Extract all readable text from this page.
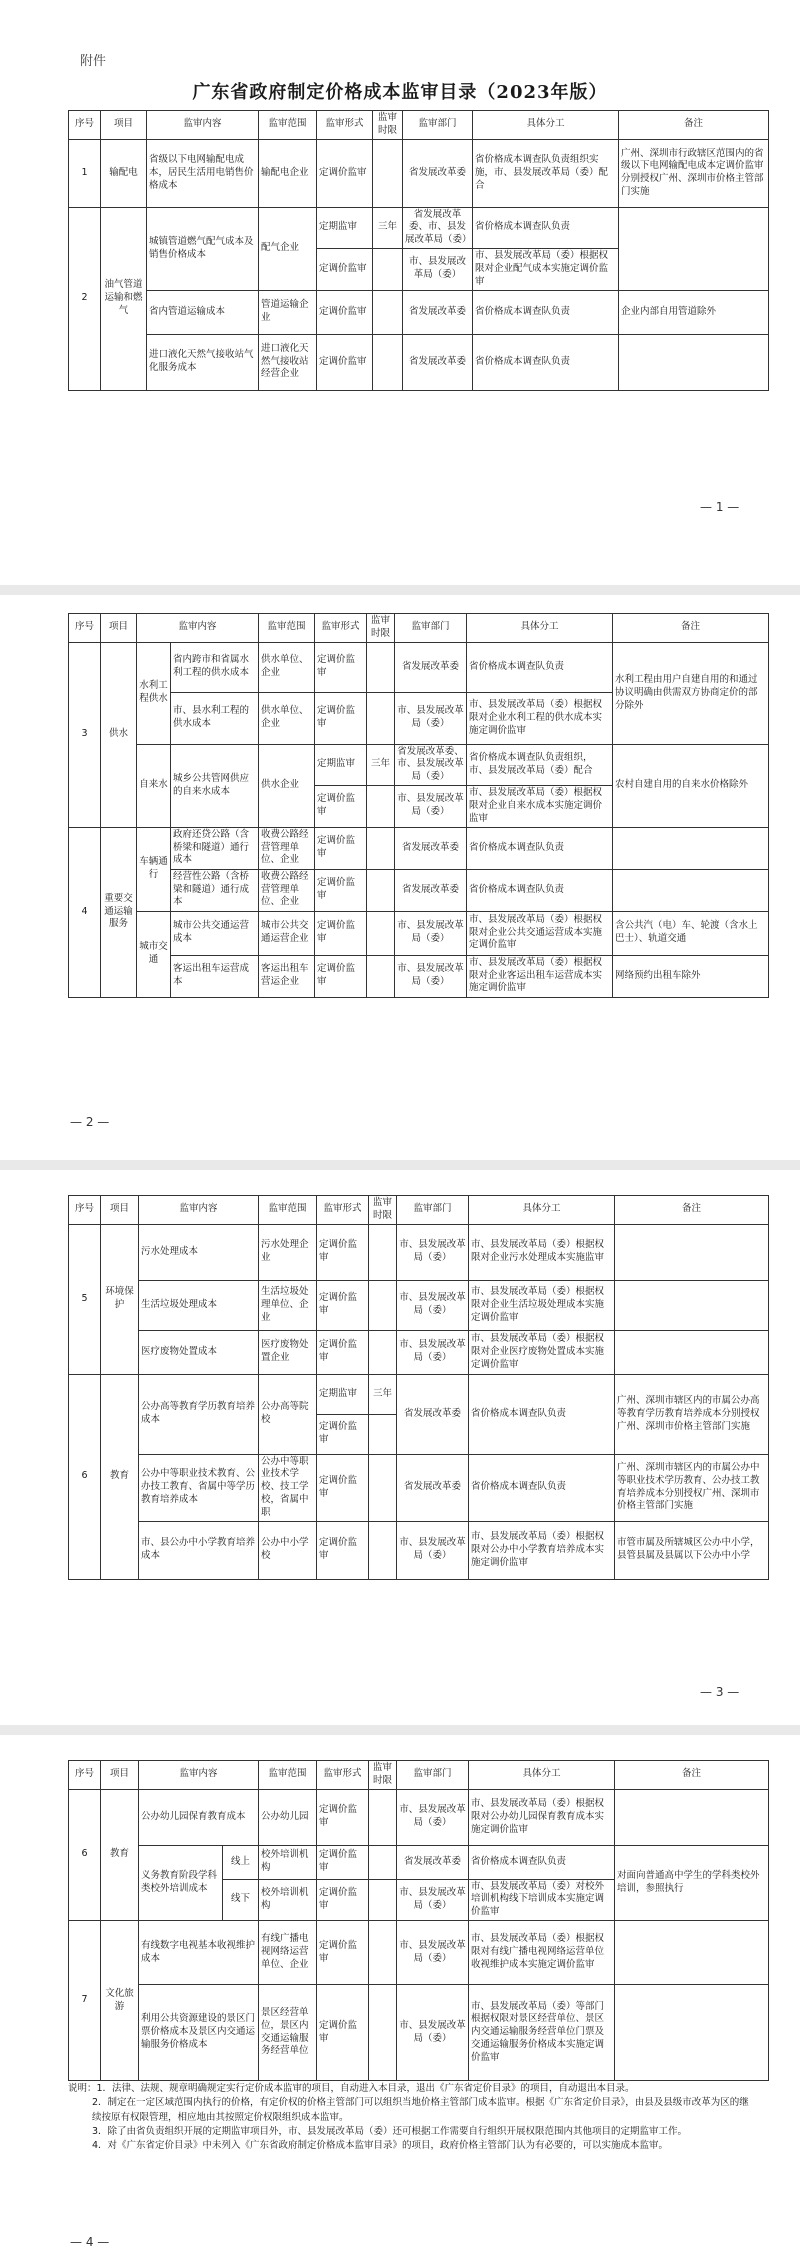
附件
广东省政府制定价格成本监审目录（2023年版）
序号	项目	监审内容	监审范围	监审形式	监审时限	监审部门	具体分工	备注
1	输配电	省级以下电网输配电成本，居民生活用电销售价格成本	输配电企业	定调价监审		省发展改革委	省价格成本调查队负责组织实施，市、县发展改革局（委）配合	广州、深圳市行政辖区范围内的省级以下电网输配电成本定调价监审分别授权广州、深圳市价格主管部门实施
2	油气管道运输和燃气	城镇管道燃气配气成本及销售价格成本	配气企业	定期监审	三年	省发展改革委、市、县发展改革局（委）	省价格成本调查队负责	
				定调价监审		市、县发展改革局（委）	市、县发展改革局（委）根据权限对企业配气成本实施定调价监审	
		省内管道运输成本	管道运输企业	定调价监审		省发展改革委	省价格成本调查队负责	企业内部自用管道除外
		进口液化天然气接收站气化服务成本	进口液化天然气接收站经营企业	定调价监审		省发展改革委	省价格成本调查队负责	
— 1 —
序号	项目	监审内容		监审范围	监审形式	监审时限	监审部门	具体分工	备注
3	供水	水利工程供水	省内跨市和省属水利工程的供水成本	供水单位、企业	定调价监审		省发展改革委	省价格成本调查队负责	水利工程由用户自建自用的和通过协议明确由供需双方协商定价的部分除外
			市、县水利工程的供水成本	供水单位、企业	定调价监审		市、县发展改革局（委）	市、县发展改革局（委）根据权限对企业水利工程的供水成本实施定调价监审	
		自来水	城乡公共管网供应的自来水成本	供水企业	定期监审	三年	省发展改革委、市、县发展改革局（委）	省价格成本调查队负责组织，市、县发展改革局（委）配合	农村自建自用的自来水价格除外
					定调价监审		市、县发展改革局（委）	市、县发展改革局（委）根据权限对企业自来水成本实施定调价监审	
4	重要交通运输服务	车辆通行	政府还贷公路（含桥梁和隧道）通行成本	收费公路经营管理单位、企业	定调价监审		省发展改革委	省价格成本调查队负责	
			经营性公路（含桥梁和隧道）通行成本	收费公路经营管理单位、企业	定调价监审		省发展改革委	省价格成本调查队负责	
		城市交通	城市公共交通运营成本	城市公共交通运营企业	定调价监审		市、县发展改革局（委）	市、县发展改革局（委）根据权限对企业公共交通运营成本实施定调价监审	含公共汽（电）车、轮渡（含水上巴士）、轨道交通
			客运出租车运营成本	客运出租车营运企业	定调价监审		市、县发展改革局（委）	市、县发展改革局（委）根据权限对企业客运出租车运营成本实施定调价监审	网络预约出租车除外
— 2 —
序号	项目	监审内容	监审范围	监审形式	监审时限	监审部门	具体分工	备注
5	环境保护	污水处理成本	污水处理企业	定调价监审		市、县发展改革局（委）	市、县发展改革局（委）根据权限对企业污水处理成本实施监审	
		生活垃圾处理成本	生活垃圾处理单位、企业	定调价监审		市、县发展改革局（委）	市、县发展改革局（委）根据权限对企业生活垃圾处理成本实施定调价监审	
		医疗废物处置成本	医疗废物处置企业	定调价监审		市、县发展改革局（委）	市、县发展改革局（委）根据权限对企业医疗废物处置成本实施定调价监审	
6	教育	公办高等教育学历教育培养成本	公办高等院校	定期监审	三年	省发展改革委	省价格成本调查队负责	广州、深圳市辖区内的市属公办高等教育学历教育培养成本分别授权广州、深圳市价格主管部门实施
				定调价监审				
		公办中等职业技术教育、公办技工教育、省属中等学历教育培养成本	公办中等职业技术学校、技工学校，省属中职	定调价监审		省发展改革委	省价格成本调查队负责	广州、深圳市辖区内的市属公办中等职业技术学历教育、公办技工教育培养成本分别授权广州、深圳市价格主管部门实施
		市、县公办中小学教育培养成本	公办中小学校	定调价监审		市、县发展改革局（委）	市、县发展改革局（委）根据权限对公办中小学教育培养成本实施定调价监审	市管市属及所辖城区公办中小学，县管县属及县属以下公办中小学
— 3 —
序号	项目	监审内容		监审范围	监审形式	监审时限	监审部门	具体分工	备注
6	教育	公办幼儿园保育教育成本		公办幼儿园	定调价监审		市、县发展改革局（委）	市、县发展改革局（委）根据权限对公办幼儿园保育教育成本实施定调价监审	
		义务教育阶段学科类校外培训成本	线上	校外培训机构	定调价监审		省发展改革委	省价格成本调查队负责	对面向普通高中学生的学科类校外培训，参照执行
			线下	校外培训机构	定调价监审		市、县发展改革局（委）	市、县发展改革局（委）对校外培训机构线下培训成本实施定调价监审	
7	文化旅游	有线数字电视基本收视维护成本		有线广播电视网络运营单位、企业	定调价监审		市、县发展改革局（委）	市、县发展改革局（委）根据权限对有线广播电视网络运营单位收视维护成本实施定调价监审	
		利用公共资源建设的景区门票价格成本及景区内交通运输服务价格成本		景区经营单位，景区内交通运输服务经营单位	定调价监审		市、县发展改革局（委）	市、县发展改革局（委）等部门根据权限对景区经营单位、景区内交通运输服务经营单位门票及交通运输服务价格成本实施定调价监审	
说明：1．法律、法规、规章明确规定实行定价成本监审的项目，自动进入本目录，退出《广东省定价目录》的项目，自动退出本目录。
2．制定在一定区域范围内执行的价格，有定价权的价格主管部门可以组织当地价格主管部门成本监审。根据《广东省定价目录》，由县及县级市改革为区的继续按原有权限管理，相应地由其按照定价权限组织成本监审。
3．除了由省负责组织开展的定期监审项目外，市、县发展改革局（委）还可根据工作需要自行组织开展权限范围内其他项目的定期监审工作。
4．对《广东省定价目录》中未列入《广东省政府制定价格成本监审目录》的项目，政府价格主管部门认为有必要的，可以实施成本监审。
— 4 —
